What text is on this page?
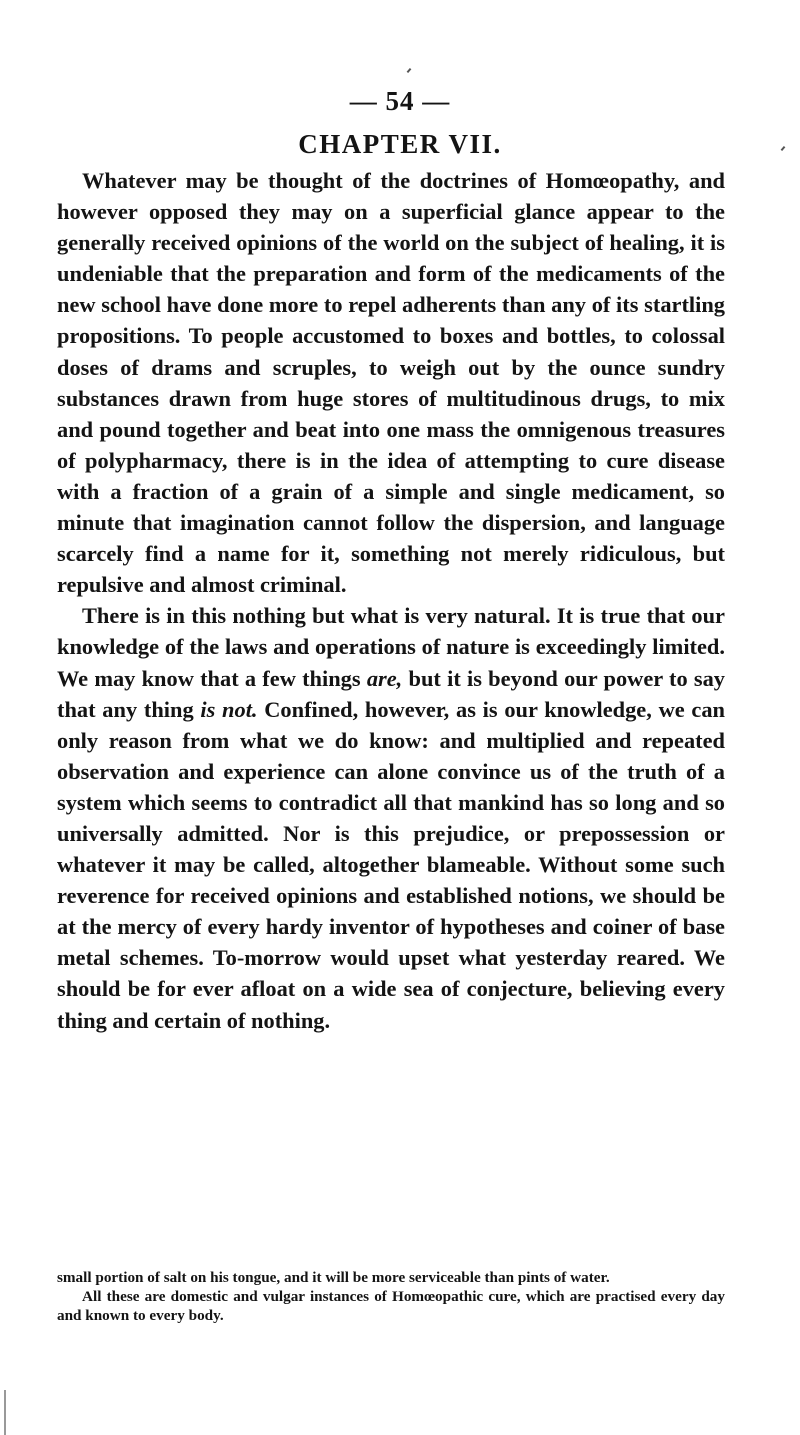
— 54 —
CHAPTER VII.

Whatever may be thought of the doctrines of Homœopathy, and however opposed they may on a superficial glance appear to the generally received opinions of the world on the subject of healing, it is undeniable that the preparation and form of the medicaments of the new school have done more to repel adherents than any of its startling propositions. To people accustomed to boxes and bottles, to colossal doses of drams and scruples, to weigh out by the ounce sundry substances drawn from huge stores of multitudinous drugs, to mix and pound together and beat into one mass the omnigenous treasures of polypharmacy, there is in the idea of attempting to cure disease with a fraction of a grain of a simple and single medicament, so minute that imagination cannot follow the dispersion, and language scarcely find a name for it, something not merely ridiculous, but repulsive and almost criminal.

There is in this nothing but what is very natural. It is true that our knowledge of the laws and operations of nature is exceedingly limited. We may know that a few things are, but it is beyond our power to say that any thing is not. Confined, however, as is our knowledge, we can only reason from what we do know: and multiplied and repeated observation and experience can alone convince us of the truth of a system which seems to contradict all that mankind has so long and so universally admitted. Nor is this prejudice, or prepossession or whatever it may be called, altogether blameable. Without some such reverence for received opinions and established notions, we should be at the mercy of every hardy inventor of hypotheses and coiner of base metal schemes. To-morrow would upset what yesterday reared. We should be for ever afloat on a wide sea of conjecture, believing every thing and certain of nothing.

small portion of salt on his tongue, and it will be more serviceable than pints of water.

All these are domestic and vulgar instances of Homœopathic cure, which are practised every day and known to every body.
